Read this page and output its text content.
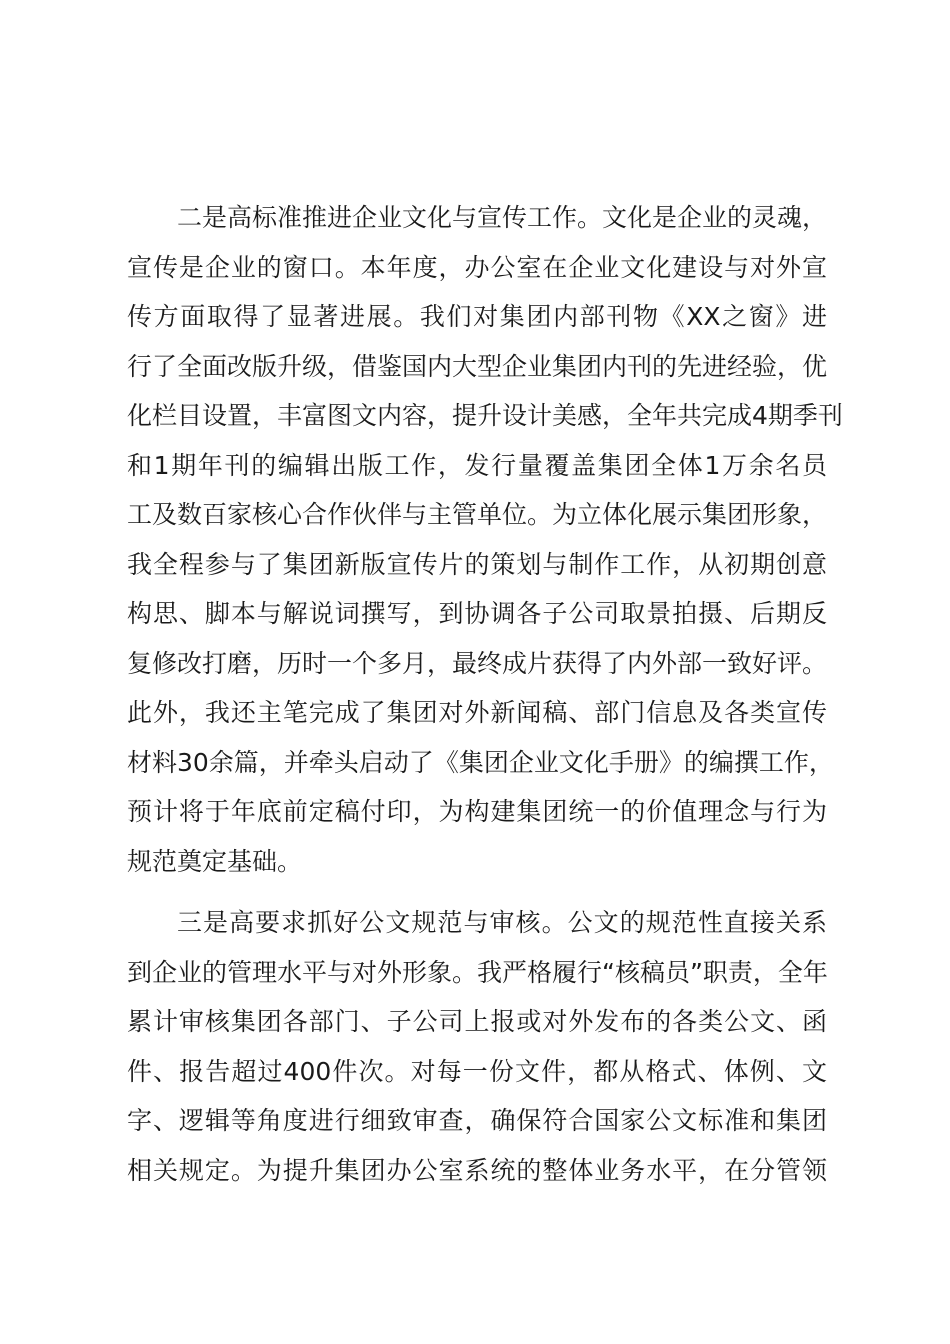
二是高标准推进企业文化与宣传工作。文化是企业的灵魂，
宣传是企业的窗口。本年度，办公室在企业文化建设与对外宣
传方面取得了显著进展。我们对集团内部刊物《XX之窗》进
行了全面改版升级，借鉴国内大型企业集团内刊的先进经验，优
化栏目设置，丰富图文内容，提升设计美感，全年共完成4期季刊
和1期年刊的编辑出版工作，发行量覆盖集团全体1万余名员
工及数百家核心合作伙伴与主管单位。为立体化展示集团形象，
我全程参与了集团新版宣传片的策划与制作工作，从初期创意
构思、脚本与解说词撰写，到协调各子公司取景拍摄、后期反
复修改打磨，历时一个多月，最终成片获得了内外部一致好评。
此外，我还主笔完成了集团对外新闻稿、部门信息及各类宣传
材料30余篇，并牵头启动了《集团企业文化手册》的编撰工作，
预计将于年底前定稿付印，为构建集团统一的价值理念与行为
规范奠定基础。
三是高要求抓好公文规范与审核。公文的规范性直接关系
到企业的管理水平与对外形象。我严格履行“核稿员”职责，全年
累计审核集团各部门、子公司上报或对外发布的各类公文、函
件、报告超过400件次。对每一份文件，都从格式、体例、文
字、逻辑等角度进行细致审查，确保符合国家公文标准和集团
相关规定。为提升集团办公室系统的整体业务水平，在分管领
